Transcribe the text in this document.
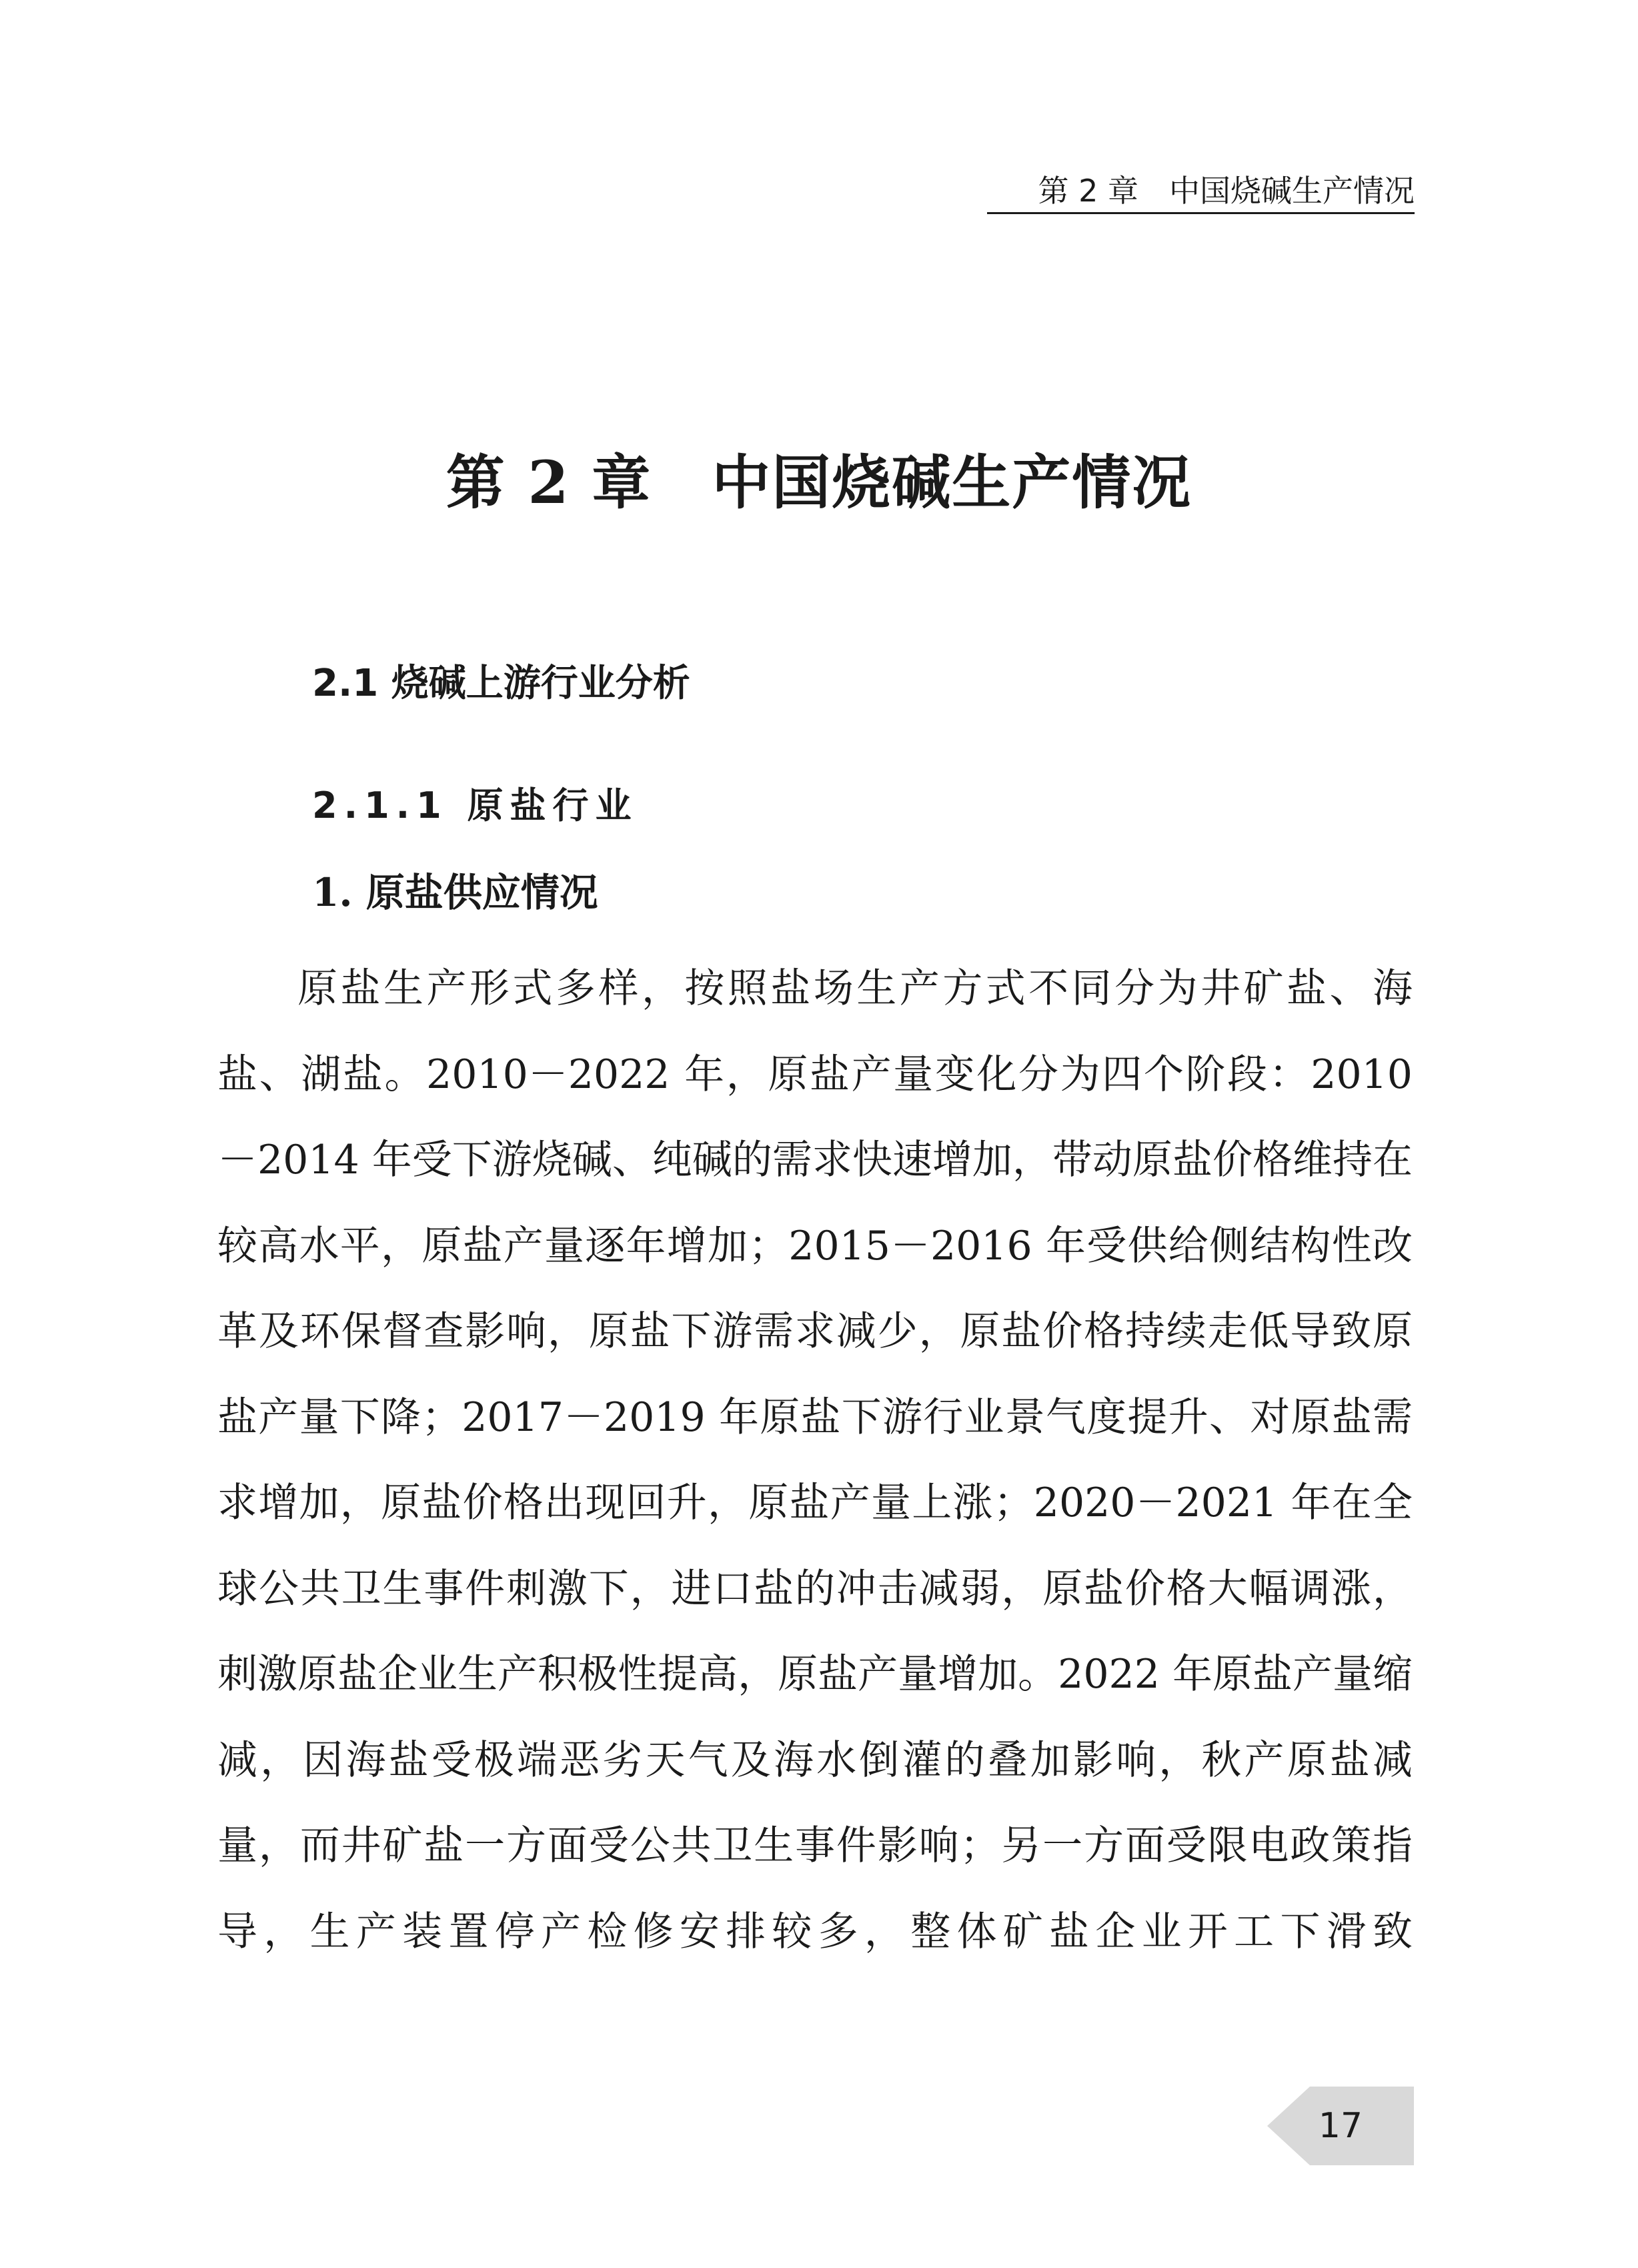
第 2 章　中国烧碱生产情况
第 2 章　中国烧碱生产情况
2.1 烧碱上游行业分析
2.1.1 原盐行业
1. 原盐供应情况

原盐生产形式多样，按照盐场生产方式不同分为井矿盐、海盐、湖盐。2010－2022 年，原盐产量变化分为四个阶段：2010－2014 年受下游烧碱、纯碱的需求快速增加，带动原盐价格维持在较高水平，原盐产量逐年增加；2015－2016 年受供给侧结构性改革及环保督查影响，原盐下游需求减少，原盐价格持续走低导致原盐产量下降；2017－2019 年原盐下游行业景气度提升、对原盐需求增加，原盐价格出现回升，原盐产量上涨；2020－2021 年在全球公共卫生事件刺激下，进口盐的冲击减弱，原盐价格大幅调涨，刺激原盐企业生产积极性提高，原盐产量增加。2022 年原盐产量缩减，因海盐受极端恶劣天气及海水倒灌的叠加影响，秋产原盐减量，而井矿盐一方面受公共卫生事件影响；另一方面受限电政策指导，生产装置停产检修安排较多，整体矿盐企业开工下滑致

17
